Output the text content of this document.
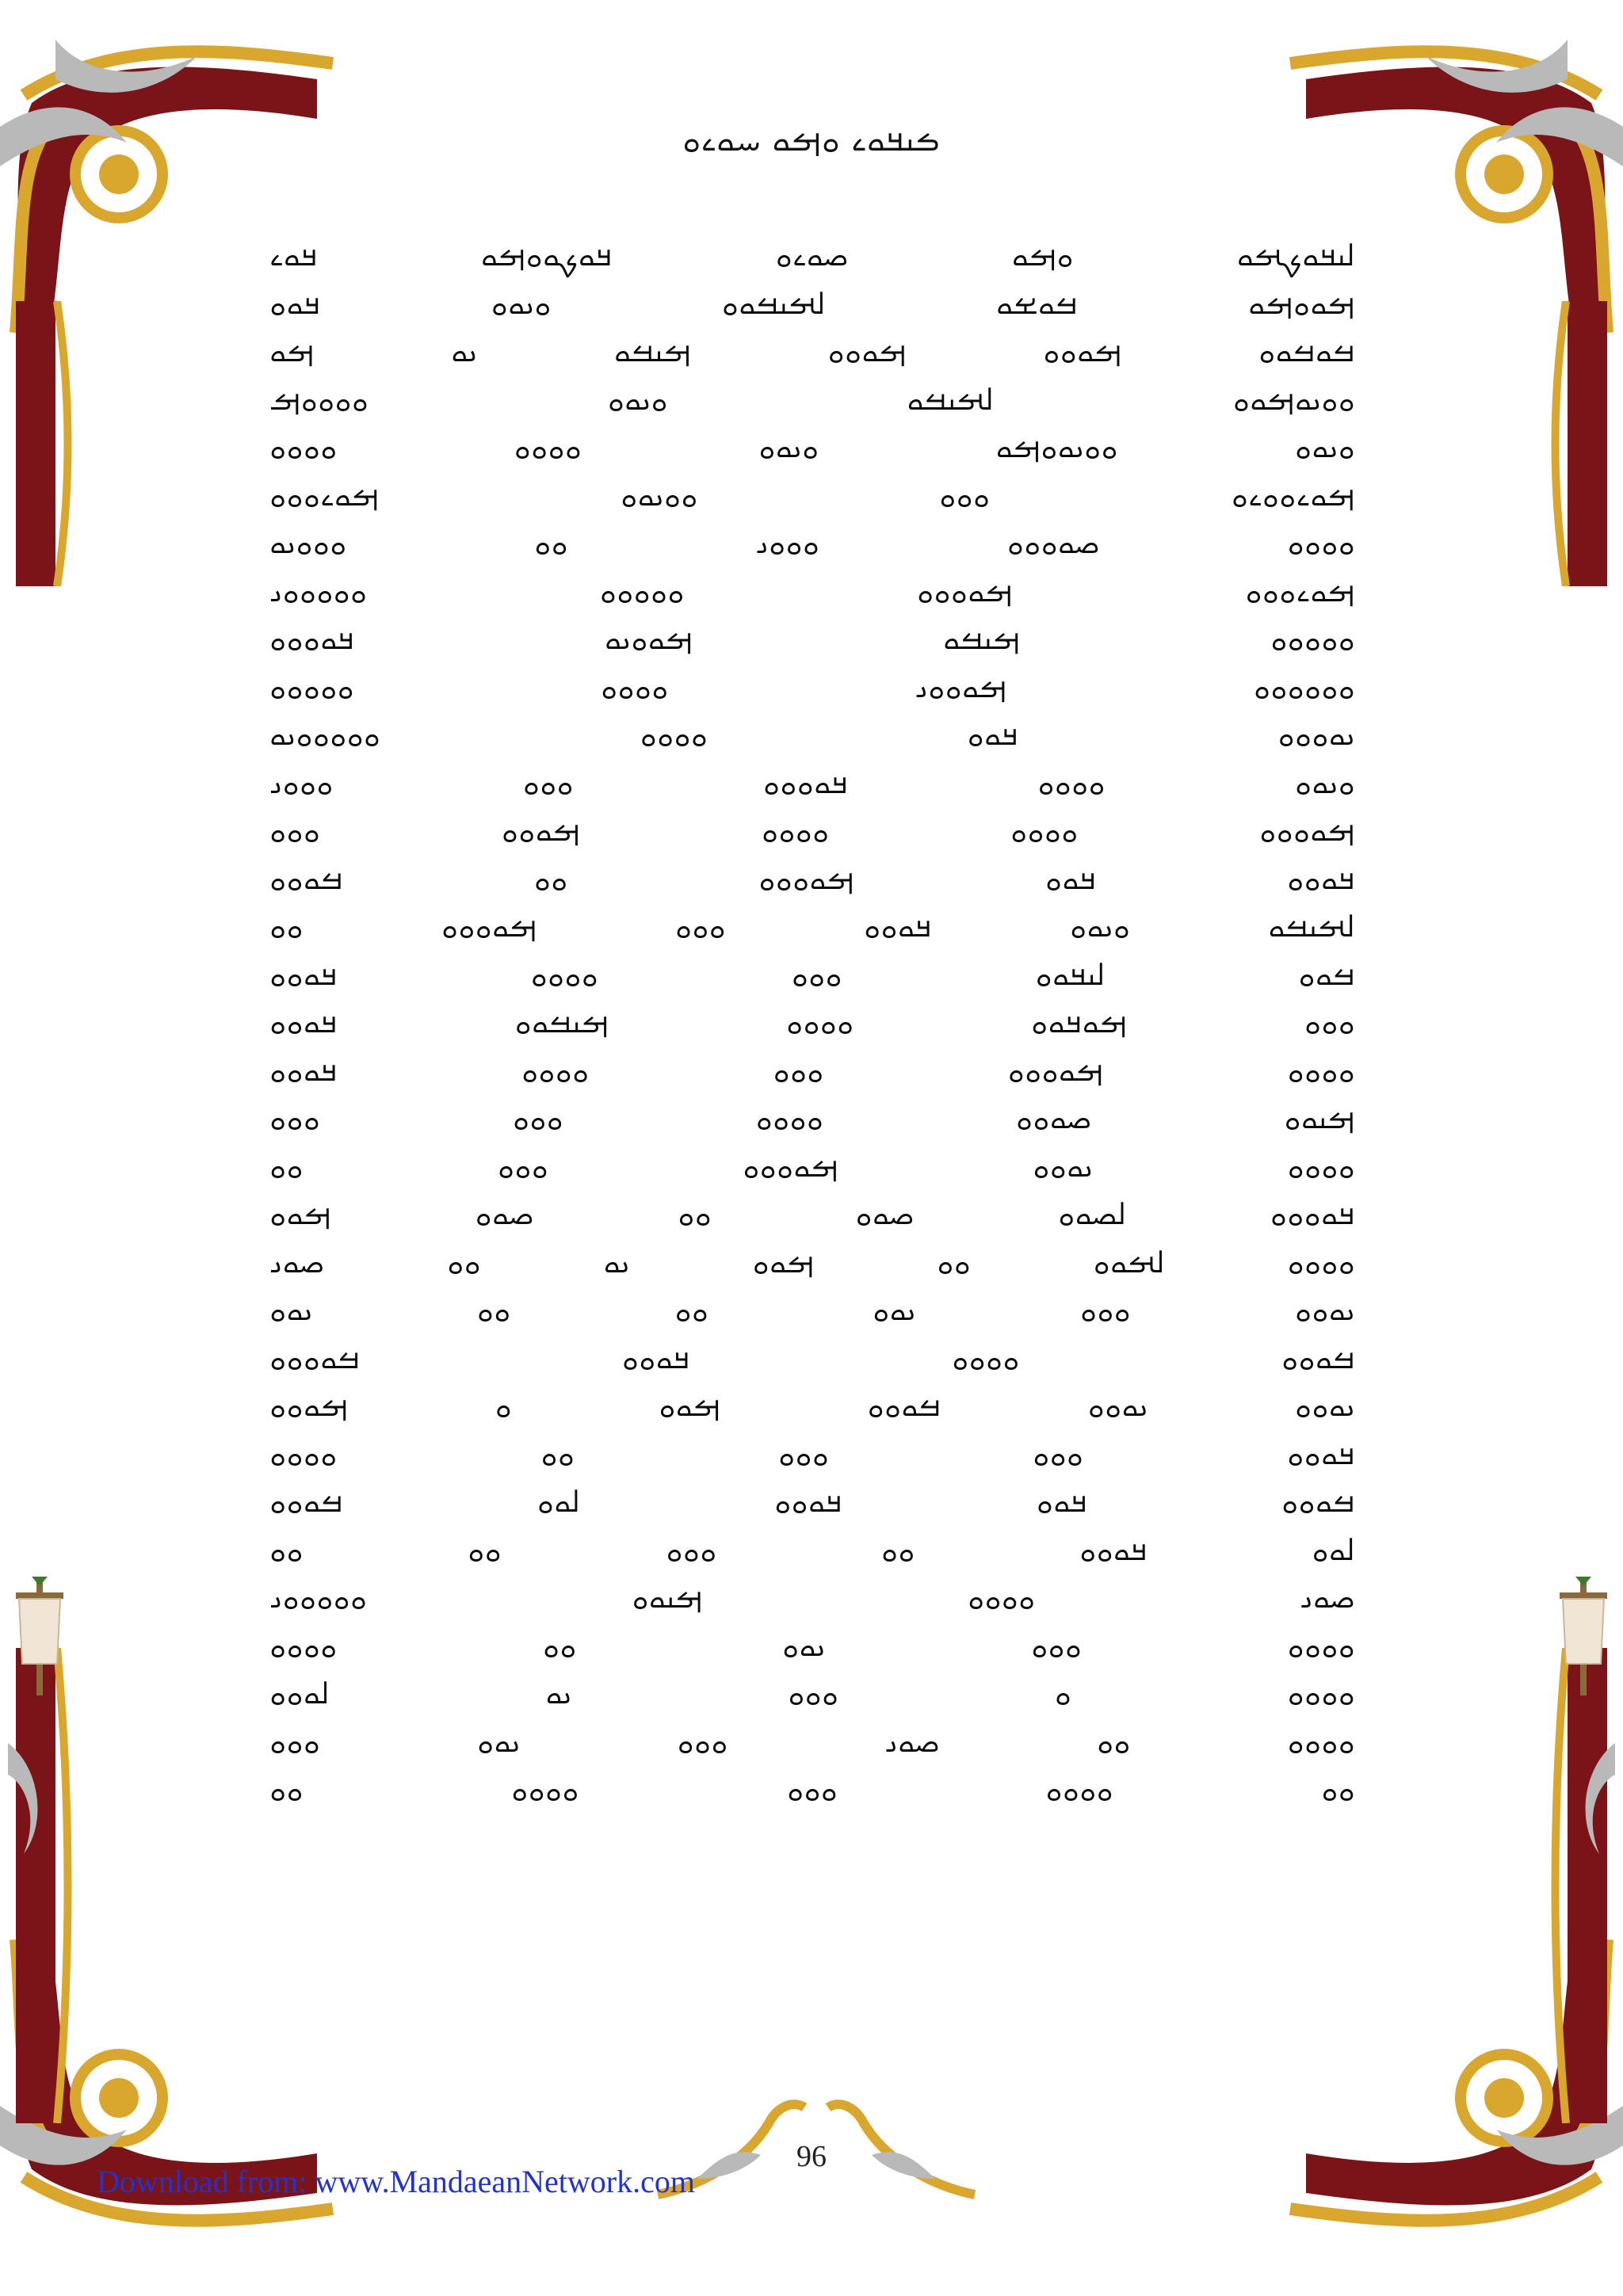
ࡏࡅࡃࡀࡉ ࡀࡌࡀ ࡄࡀࡉࡀ
ࡋࡅࡃࡀࡊࡌࡀ ࡀࡌࡀ ࡎࡀࡉࡀ ࡃࡀࡊࡀࡀࡌࡀ ࡃࡀࡉ
ࡌࡀࡀࡌࡀ ࡓࡀࡁࡀ ࡋࡌࡅࡓࡀࡀ ࡀࡅࡀࡀ ࡃࡀࡀ
ࡓࡀࡓࡀࡀ ࡌࡀࡀࡀ ࡌࡀࡀࡀ ࡌࡅࡓࡀ ࡅࡀ ࡌࡀ
ࡀࡀࡅࡀࡌࡀࡀ ࡋࡌࡅࡓࡀ ࡀࡅࡀࡀ ࡀࡀࡀࡀࡌ
ࡀࡅࡀࡀ ࡀࡀࡅࡀࡀࡌࡀ ࡀࡅࡀࡀ ࡀࡀࡀࡀ ࡀࡀࡀࡀ
ࡌࡀࡉࡀࡀࡉࡀ ࡀࡀࡀ ࡀࡀࡅࡀࡀ ࡌࡀࡉࡀࡀࡀ
ࡀࡀࡀࡀ ࡎࡀࡀࡀࡀ ࡀࡀࡀࡅ ࡀࡀ ࡀࡀࡀࡅࡀ
ࡌࡀࡉࡀࡀࡀ ࡌࡀࡀࡀࡀ ࡀࡀࡀࡀࡀ ࡀࡀࡀࡀࡀࡅ
ࡀࡀࡀࡀࡀ ࡌࡅࡓࡀ ࡌࡀࡀࡅࡀ ࡃࡀࡀࡀࡀ
ࡀࡀࡀࡀࡀࡀ ࡌࡀࡀࡀࡅ ࡀࡀࡀࡀ ࡀࡀࡀࡀࡀ
ࡅࡀࡀࡀࡀ ࡃࡀࡀ ࡀࡀࡀࡀ ࡀࡀࡀࡀࡀࡅࡀ
ࡀࡅࡀࡀ ࡀࡀࡀࡀ ࡃࡀࡀࡀࡀ ࡀࡀࡀ ࡀࡀࡀࡅ
ࡌࡀࡀࡀࡀ ࡀࡀࡀࡀ ࡀࡀࡀࡀ ࡌࡀࡀࡀ ࡀࡀࡀ
ࡃࡀࡀࡀ ࡃࡀࡀ ࡌࡀࡀࡀࡀ ࡀࡀ ࡓࡀࡀࡀ
ࡋࡌࡅࡓࡀ ࡀࡅࡀࡀ ࡃࡀࡀࡀ ࡀࡀࡀ ࡌࡀࡀࡀࡀ ࡀࡀ
ࡓࡀࡀ ࡋࡅࡃࡀࡀ ࡀࡀࡀ ࡀࡀࡀࡀ ࡃࡀࡀࡀ
ࡀࡀࡀ ࡌࡀࡃࡀࡀ ࡀࡀࡀࡀ ࡌࡅࡓࡀࡀ ࡃࡀࡀࡀ
ࡀࡀࡀࡀ ࡌࡀࡀࡀࡀ ࡀࡀࡀ ࡀࡀࡀࡀ ࡃࡀࡀࡀ
ࡌࡅࡀࡀ ࡎࡀࡀࡀ ࡀࡀࡀࡀ ࡀࡀࡀ ࡀࡀࡀ
ࡀࡀࡀࡀ ࡅࡀࡀࡀ ࡌࡀࡀࡀࡀ ࡀࡀࡀ ࡀࡀ
ࡃࡀࡀࡀࡀ ࡋࡎࡀࡀ ࡎࡀࡀ ࡀࡀ ࡎࡀࡀ ࡌࡀࡀ
ࡀࡀࡀࡀ ࡋࡌࡀࡀ ࡀࡀ ࡌࡀࡀ ࡅࡀ ࡀࡀ ࡎࡀࡅ
ࡅࡀࡀࡀ ࡀࡀࡀ ࡅࡀࡀ ࡀࡀ ࡀࡀ ࡅࡀࡀ
ࡓࡀࡀࡀ ࡀࡀࡀࡀ ࡃࡀࡀࡀ ࡓࡀࡀࡀࡀ
ࡅࡀࡀࡀ ࡅࡀࡀࡀ ࡓࡀࡀࡀ ࡌࡀࡀ ࡀ ࡌࡀࡀࡀ
ࡃࡀࡀࡀ ࡀࡀࡀ ࡀࡀࡀ ࡀࡀ ࡀࡀࡀࡀ
ࡓࡀࡀࡀ ࡃࡀࡀ ࡃࡀࡀࡀ ࡋࡀࡀ ࡓࡀࡀࡀ
ࡋࡀࡀ ࡃࡀࡀࡀ ࡀࡀ ࡀࡀࡀ ࡀࡀ ࡀࡀ
ࡎࡀࡅ ࡀࡀࡀࡀ ࡌࡅࡀࡀ ࡀࡀࡀࡀࡀࡅ
ࡀࡀࡀࡀ ࡀࡀࡀ ࡅࡀࡀ ࡀࡀ ࡀࡀࡀࡀ
ࡀࡀࡀࡀ ࡀ ࡀࡀࡀ ࡅࡀ ࡋࡀࡀࡀ
ࡀࡀࡀࡀ ࡀࡀ ࡎࡀࡅ ࡀࡀࡀ ࡅࡀࡀ ࡀࡀࡀ
ࡀࡀ ࡀࡀࡀࡀ ࡀࡀࡀ ࡀࡀࡀࡀ ࡀࡀ
96
Download from: www.MandaeanNetwork.com
